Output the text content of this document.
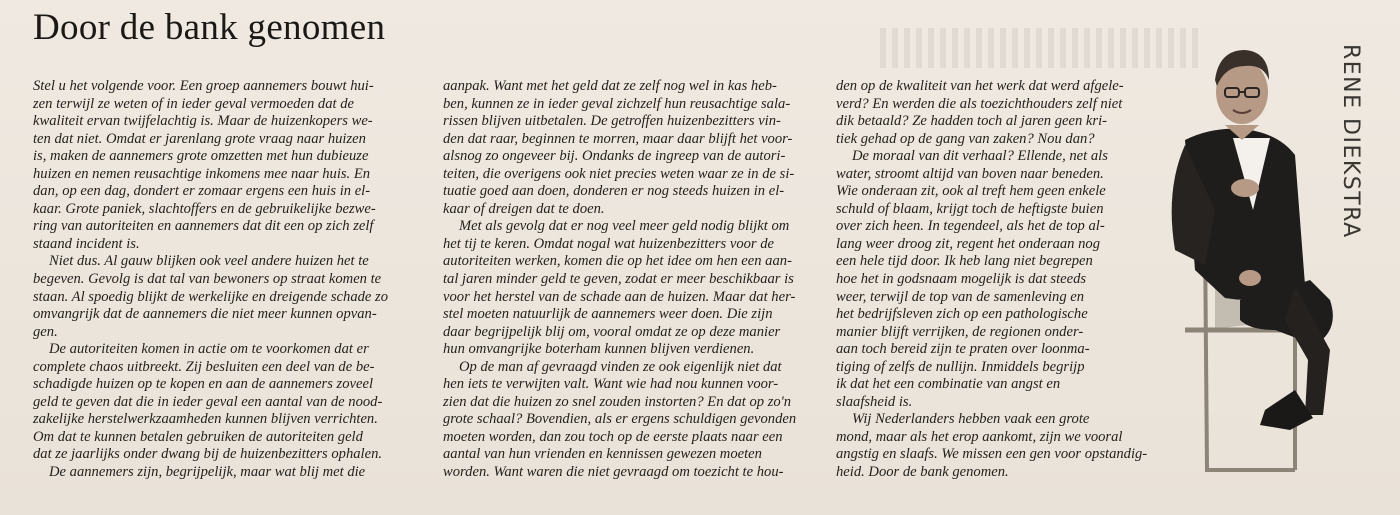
Door de bank genomen

Stel u het volgende voor. Een groep aannemers bouwt hui-
zen terwijl ze weten of in ieder geval vermoeden dat de
kwaliteit ervan twijfelachtig is. Maar de huizenkopers we-
ten dat niet. Omdat er jarenlang grote vraag naar huizen
is, maken de aannemers grote omzetten met hun dubieuze
huizen en nemen reusachtige inkomens mee naar huis. En
dan, op een dag, dondert er zomaar ergens een huis in el-
kaar. Grote paniek, slachtoffers en de gebruikelijke bezwe-
ring van autoriteiten en aannemers dat dit een op zich zelf
staand incident is.

Niet dus. Al gauw blijken ook veel andere huizen het te
begeven. Gevolg is dat tal van bewoners op straat komen te
staan. Al spoedig blijkt de werkelijke en dreigende schade zo
omvangrijk dat de aannemers die niet meer kunnen opvan-
gen.

De autoriteiten komen in actie om te voorkomen dat er
complete chaos uitbreekt. Zij besluiten een deel van de be-
schadigde huizen op te kopen en aan de aannemers zoveel
geld te geven dat die in ieder geval een aantal van de nood-
zakelijke herstelwerkzaamheden kunnen blijven verrichten.
Om dat te kunnen betalen gebruiken de autoriteiten geld
dat ze jaarlijks onder dwang bij de huizenbezitters ophalen.

De aannemers zijn, begrijpelijk, maar wat blij met die

aanpak. Want met het geld dat ze zelf nog wel in kas heb-
ben, kunnen ze in ieder geval zichzelf hun reusachtige sala-
rissen blijven uitbetalen. De getroffen huizenbezitters vin-
den dat raar, beginnen te morren, maar daar blijft het voor-
alsnog zo ongeveer bij. Ondanks de ingreep van de autori-
teiten, die overigens ook niet precies weten waar ze in de si-
tuatie goed aan doen, donderen er nog steeds huizen in el-
kaar of dreigen dat te doen.

Met als gevolg dat er nog veel meer geld nodig blijkt om
het tij te keren. Omdat nogal wat huizenbezitters voor de
autoriteiten werken, komen die op het idee om hen een aan-
tal jaren minder geld te geven, zodat er meer beschikbaar is
voor het herstel van de schade aan de huizen. Maar dat her-
stel moeten natuurlijk de aannemers weer doen. Die zijn
daar begrijpelijk blij om, vooral omdat ze op deze manier
hun omvangrijke boterham kunnen blijven verdienen.

Op de man af gevraagd vinden ze ook eigenlijk niet dat
hen iets te verwijten valt. Want wie had nou kunnen voor-
zien dat die huizen zo snel zouden instorten? En dat op zo'n
grote schaal? Bovendien, als er ergens schuldigen gevonden
moeten worden, dan zou toch op de eerste plaats naar een
aantal van hun vrienden en kennissen gewezen moeten
worden. Want waren die niet gevraagd om toezicht te hou-

den op de kwaliteit van het werk dat werd afgele-
verd? En werden die als toezichthouders zelf niet
dik betaald? Ze hadden toch al jaren geen kri-
tiek gehad op de gang van zaken? Nou dan?

De moraal van dit verhaal? Ellende, net als
water, stroomt altijd van boven naar beneden.
Wie onderaan zit, ook al treft hem geen enkele
schuld of blaam, krijgt toch de heftigste buien
over zich heen. In tegendeel, als het de top al-
lang weer droog zit, regent het onderaan nog
een hele tijd door. Ik heb lang niet begrepen
hoe het in godsnaam mogelijk is dat steeds
weer, terwijl de top van de samenleving en
het bedrijfsleven zich op een pathologische
manier blijft verrijken, de regionen onder-
aan toch bereid zijn te praten over loonma-
tiging of zelfs de nullijn. Inmiddels begrijp
ik dat het een combinatie van angst en
slaafsheid is.

Wij Nederlanders hebben vaak een grote
mond, maar als het erop aankomt, zijn we vooral
angstig en slaafs. We missen een gen voor opstandig-
heid. Door de bank genomen.

RENE DIEKSTRA
